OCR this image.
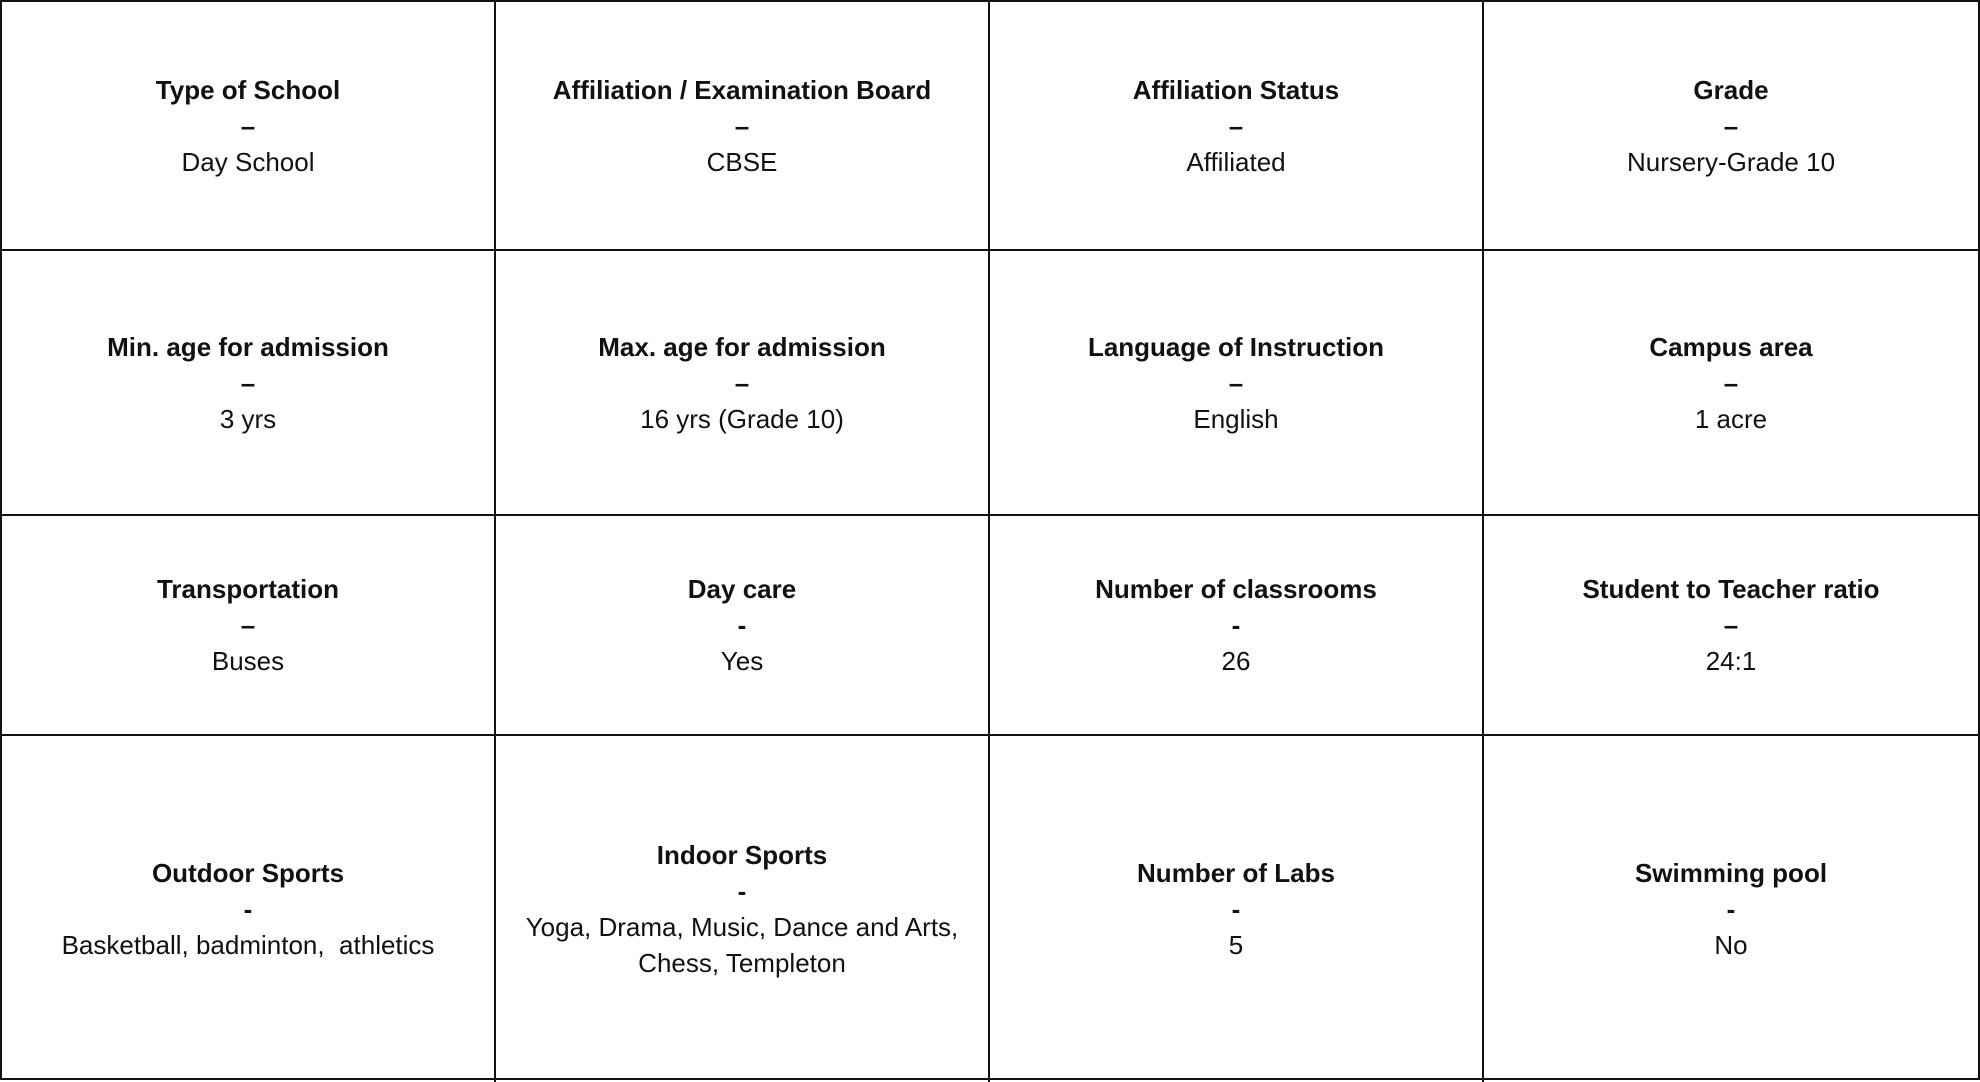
Type of School
–
Day School
Affiliation / Examination Board
–
CBSE
Affiliation Status
–
Affiliated
Grade
–
Nursery-Grade 10
Min. age for admission
–
3 yrs
Max. age for admission
–
16 yrs (Grade 10)
Language of Instruction
–
English
Campus area
–
1 acre
Transportation
–
Buses
Day care
-
Yes
Number of classrooms
-
26
Student to Teacher ratio
–
24:1
Outdoor Sports
-
Basketball, badminton,  athletics
Indoor Sports
-
Yoga, Drama, Music, Dance and Arts, Chess, Templeton
Number of Labs
-
5
Swimming pool
-
No
